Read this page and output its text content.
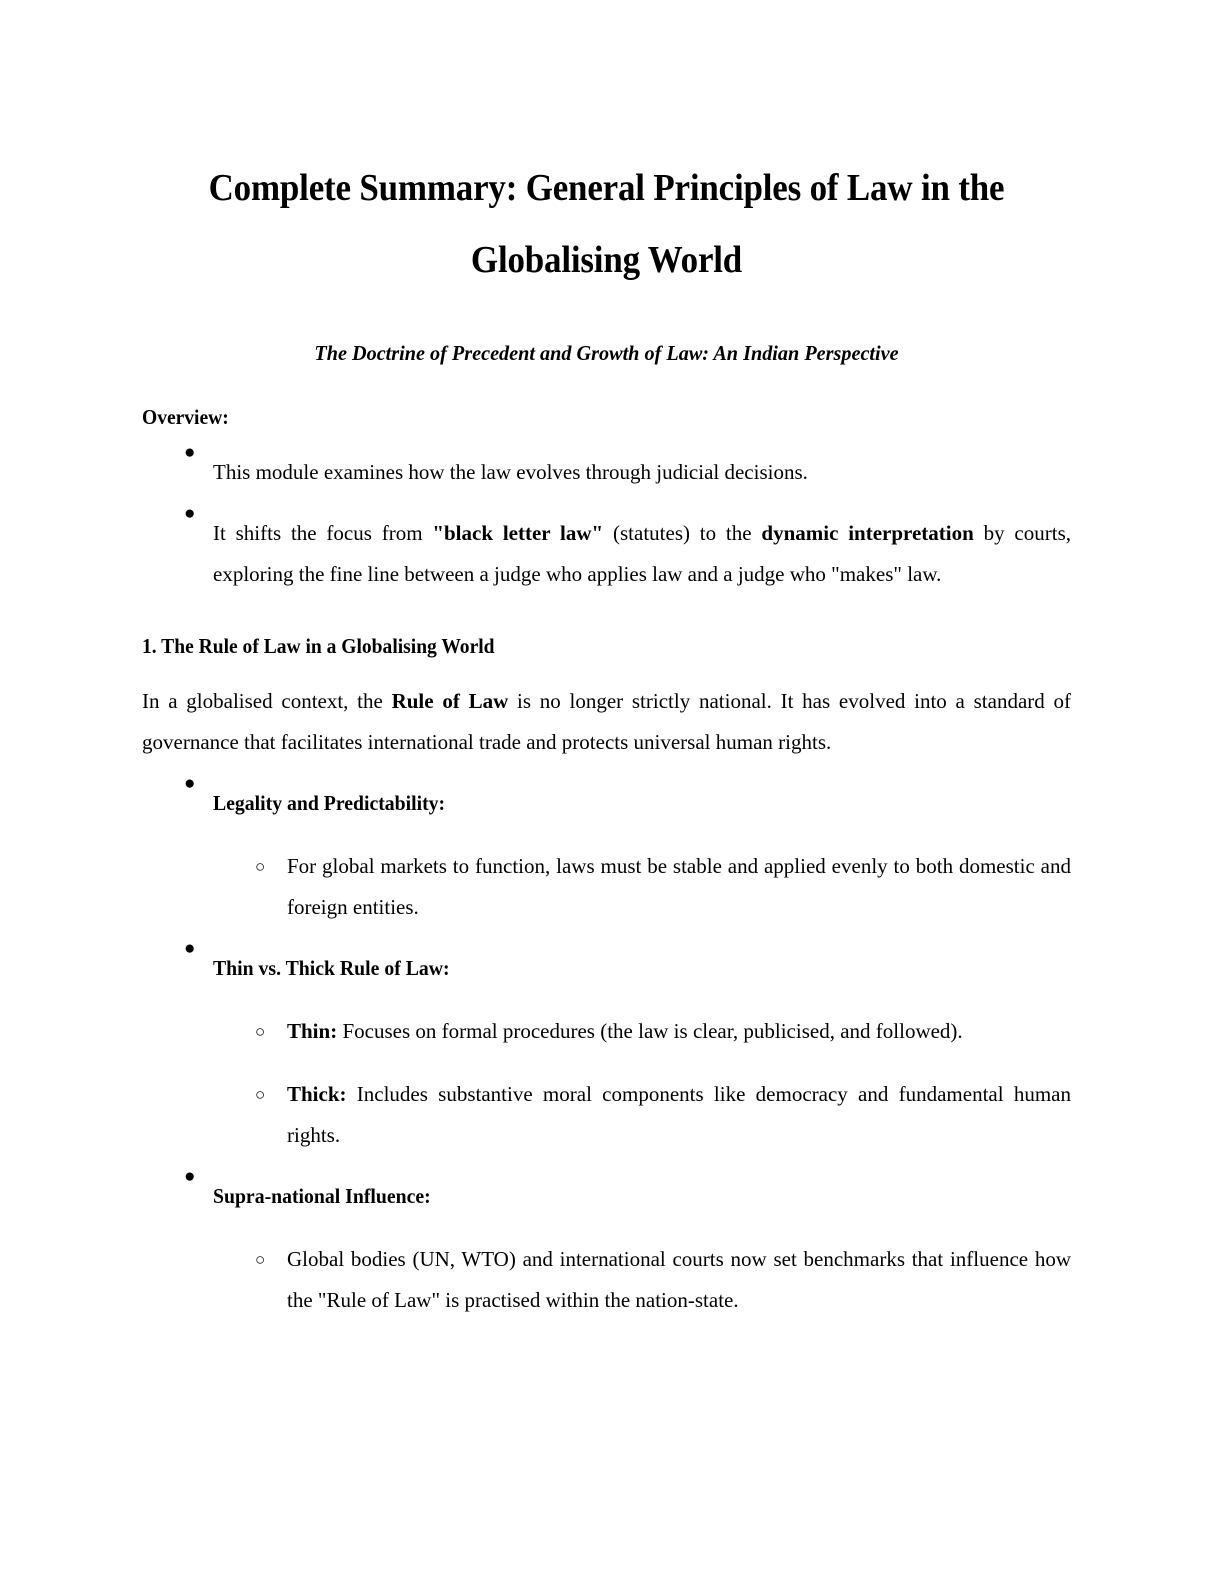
Complete Summary: General Principles of Law in the Globalising World
The Doctrine of Precedent and Growth of Law: An Indian Perspective
Overview:
●
This module examines how the law evolves through judicial decisions.
●
It shifts the focus from "black letter law" (statutes) to the dynamic interpretation by courts, exploring the fine line between a judge who applies law and a judge who "makes" law.
1. The Rule of Law in a Globalising World

In a globalised context, the Rule of Law is no longer strictly national. It has evolved into a standard of governance that facilitates international trade and protects universal human rights.

●
Legality and Predictability:
○
For global markets to function, laws must be stable and applied evenly to both domestic and foreign entities.
●
Thin vs. Thick Rule of Law:
○
Thin: Focuses on formal procedures (the law is clear, publicised, and followed).
○
Thick: Includes substantive moral components like democracy and fundamental human rights.
●
Supra-national Influence:
○
Global bodies (UN, WTO) and international courts now set benchmarks that influence how the "Rule of Law" is practised within the nation-state.
